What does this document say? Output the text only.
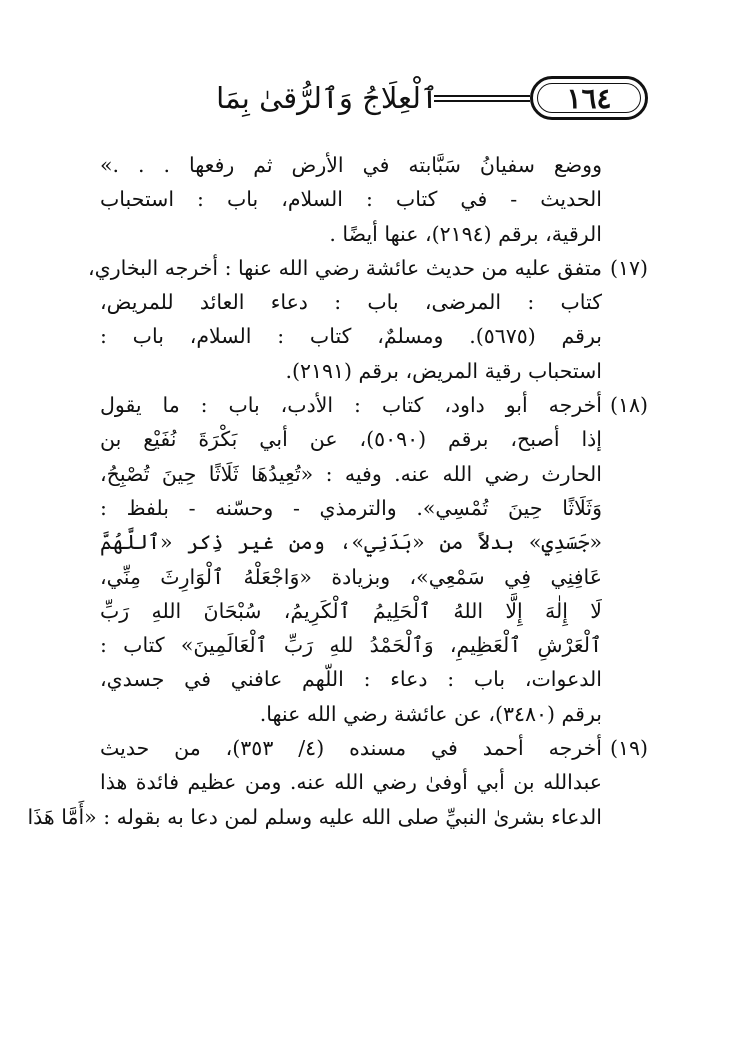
١٦٤
ٱلْعِلَاجُ وَٱلرُّقىٰ بِمَا
ووضع سفيانُ سَبَّابته في الأرض ثم رفعها . . .»
الحديث - في كتاب : السلام، باب : استحباب
الرقية، برقم (٢١٩٤)، عنها أيضًا .
(١٧)متفق عليه من حديث عائشة رضي الله عنها : أخرجه البخاري،
كتاب : المرضى، باب : دعاء العائد للمريض،
برقم (٥٦٧٥). ومسلمٌ، كتاب : السلام، باب :
استحباب رقية المريض، برقم (٢١٩١).
(١٨)أخرجه أبو داود، كتاب : الأدب، باب : ما يقول
إذا أصبح، برقم (٥٠٩٠)، عن أبي بَكْرَةَ نُفَيْع بن
الحارث رضي الله عنه. وفيه : «تُعِيدُهَا ثَلَاثًا حِينَ تُصْبِحُ،
وَثَلَاثًا حِينَ تُمْسِي». والترمذي - وحسّنه - بلفظ :
«جَسَدِي» بدلاً من «بَدَنِي»، ومن غير ذِكر «ٱللَّهُمَّ
عَافِنِي فِي سَمْعِي»، وبزيادة «وَاجْعَلْهُ ٱلْوَارِثَ مِنِّي،
لَا إِلٰهَ إِلَّا اللهُ ٱلْحَلِيمُ ٱلْكَرِيمُ، سُبْحَانَ اللهِ رَبِّ
ٱلْعَرْشِ ٱلْعَظِيمِ، وَٱلْحَمْدُ للهِ رَبِّ ٱلْعَالَمِينَ» كتاب :
الدعوات، باب : دعاء : اللّهم عافني في جسدي،
برقم (٣٤٨٠)، عن عائشة رضي الله عنها.
(١٩)أخرجه أحمد في مسنده (٤/ ٣٥٣)، من حديث
عبدالله بن أبي أوفىٰ رضي الله عنه. ومن عظيم فائدة هذا
الدعاء بشرىٰ النبيِّ صلى الله عليه وسلم لمن دعا به بقوله : «أَمَّا هَذَا
